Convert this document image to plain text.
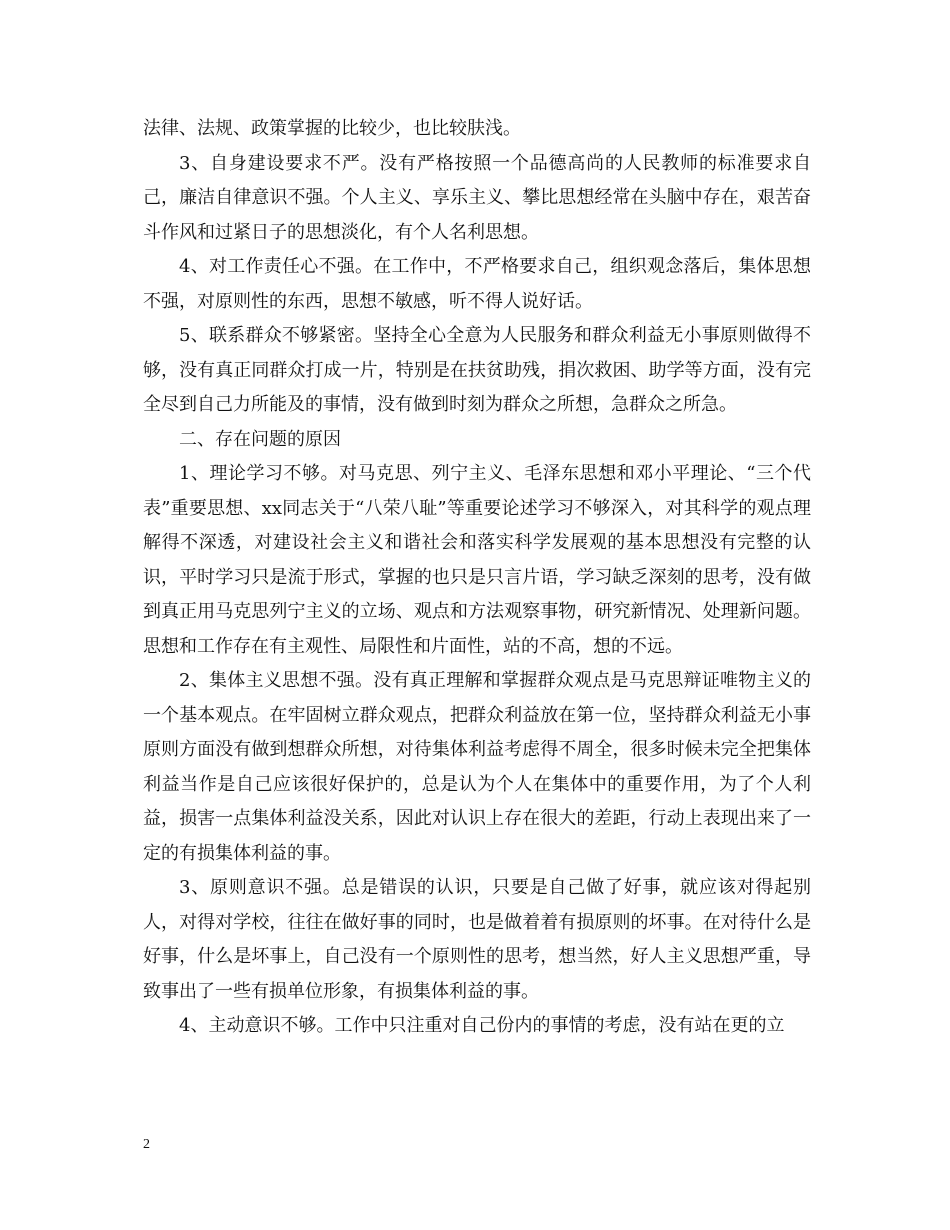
法律、法规、政策掌握的比较少，也比较肤浅。

3、自身建设要求不严。没有严格按照一个品德高尚的人民教师的标准要求自己，廉洁自律意识不强。个人主义、享乐主义、攀比思想经常在头脑中存在，艰苦奋斗作风和过紧日子的思想淡化，有个人名利思想。

4、对工作责任心不强。在工作中，不严格要求自己，组织观念落后，集体思想不强，对原则性的东西，思想不敏感，听不得人说好话。

5、联系群众不够紧密。坚持全心全意为人民服务和群众利益无小事原则做得不够，没有真正同群众打成一片，特别是在扶贫助残，捐次救困、助学等方面，没有完全尽到自己力所能及的事情，没有做到时刻为群众之所想，急群众之所急。

二、存在问题的原因

1、理论学习不够。对马克思、列宁主义、毛泽东思想和邓小平理论、“三个代表”重要思想、xx同志关于“八荣八耻”等重要论述学习不够深入，对其科学的观点理解得不深透，对建设社会主义和谐社会和落实科学发展观的基本思想没有完整的认识，平时学习只是流于形式，掌握的也只是只言片语，学习缺乏深刻的思考，没有做到真正用马克思列宁主义的立场、观点和方法观察事物，研究新情况、处理新问题。思想和工作存在有主观性、局限性和片面性，站的不高，想的不远。

2、集体主义思想不强。没有真正理解和掌握群众观点是马克思辩证唯物主义的一个基本观点。在牢固树立群众观点，把群众利益放在第一位，坚持群众利益无小事原则方面没有做到想群众所想，对待集体利益考虑得不周全，很多时候未完全把集体利益当作是自己应该很好保护的，总是认为个人在集体中的重要作用，为了个人利益，损害一点集体利益没关系，因此对认识上存在很大的差距，行动上表现出来了一定的有损集体利益的事。

3、原则意识不强。总是错误的认识，只要是自己做了好事，就应该对得起别人，对得对学校，往往在做好事的同时，也是做着着有损原则的坏事。在对待什么是好事，什么是坏事上，自己没有一个原则性的思考，想当然，好人主义思想严重，导致事出了一些有损单位形象，有损集体利益的事。

4、主动意识不够。工作中只注重对自己份内的事情的考虑，没有站在更的立

2
